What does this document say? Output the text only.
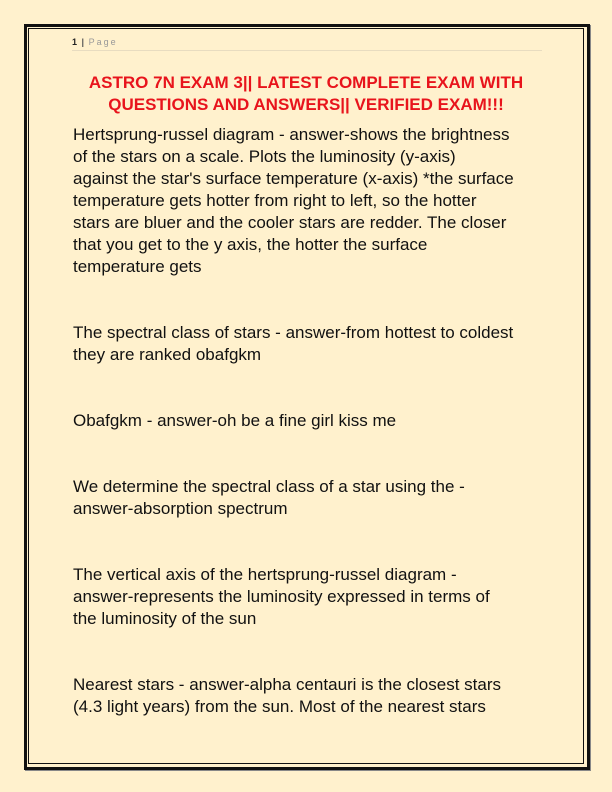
1 | Page
ASTRO 7N EXAM 3|| LATEST COMPLETE EXAM WITH
QUESTIONS AND ANSWERS|| VERIFIED EXAM!!!
Hertsprung-russel diagram - answer-shows the brightness
of the stars on a scale. Plots the luminosity (y-axis)
against the star's surface temperature (x-axis) *the surface
temperature gets hotter from right to left, so the hotter
stars are bluer and the cooler stars are redder. The closer
that you get to the y axis, the hotter the surface
temperature gets
The spectral class of stars - answer-from hottest to coldest
they are ranked obafgkm
Obafgkm - answer-oh be a fine girl kiss me
We determine the spectral class of a star using the -
answer-absorption spectrum
The vertical axis of the hertsprung-russel diagram -
answer-represents the luminosity expressed in terms of
the luminosity of the sun
Nearest stars - answer-alpha centauri is the closest stars
(4.3 light years) from the sun. Most of the nearest stars
